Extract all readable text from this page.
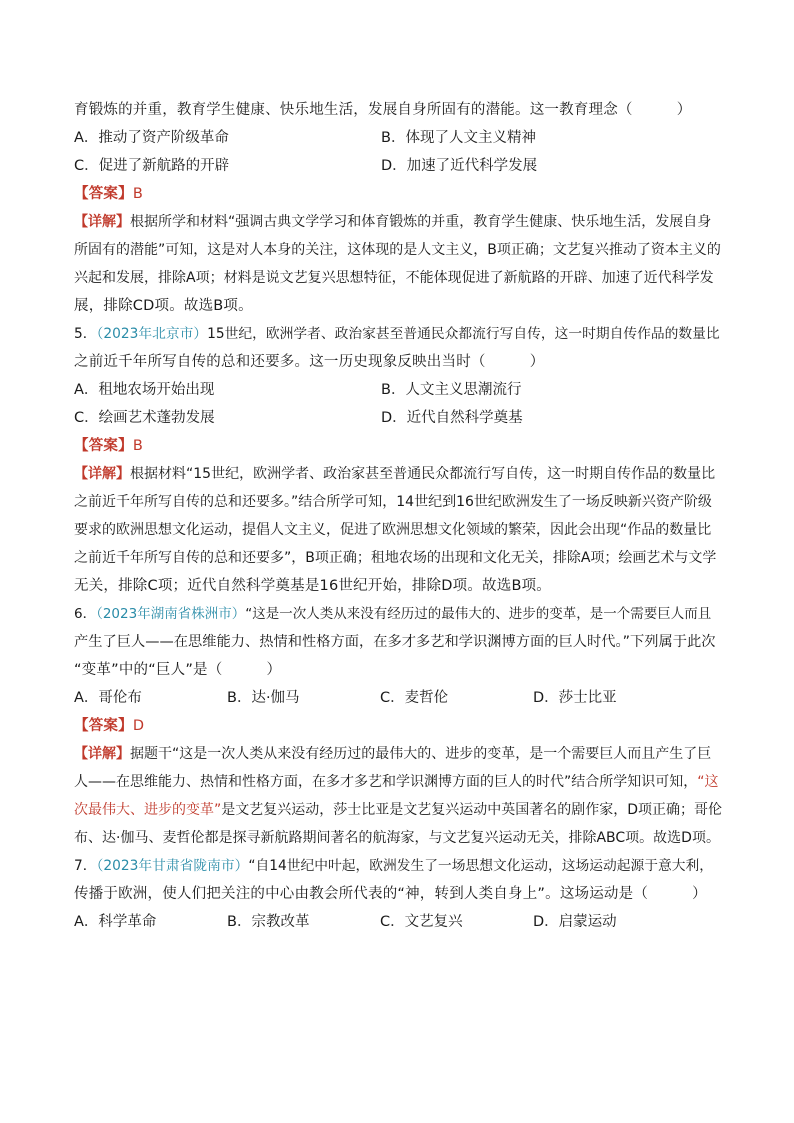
育锻炼的并重，教育学生健康、快乐地生活，发展自身所固有的潜能。这一教育理念（　　　）
A．推动了资产阶级革命	B．体现了人文主义精神
C．促进了新航路的开辟	D．加速了近代科学发展
【答案】B
【详解】根据所学和材料“强调古典文学学习和体育锻炼的并重，教育学生健康、快乐地生活，发展自身
所固有的潜能”可知，这是对人本身的关注，这体现的是人文主义，B项正确；文艺复兴推动了资本主义的
兴起和发展，排除A项；材料是说文艺复兴思想特征，不能体现促进了新航路的开辟、加速了近代科学发
展，排除CD项。故选B项。
5．（2023年北京市）15世纪，欧洲学者、政治家甚至普通民众都流行写自传，这一时期自传作品的数量比
之前近千年所写自传的总和还要多。这一历史现象反映出当时（　　　）
A．租地农场开始出现	B．人文主义思潮流行
C．绘画艺术蓬勃发展	D．近代自然科学奠基
【答案】B
【详解】根据材料“15世纪，欧洲学者、政治家甚至普通民众都流行写自传，这一时期自传作品的数量比
之前近千年所写自传的总和还要多。”结合所学可知，14世纪到16世纪欧洲发生了一场反映新兴资产阶级
要求的欧洲思想文化运动，提倡人文主义，促进了欧洲思想文化领域的繁荣，因此会出现“作品的数量比
之前近千年所写自传的总和还要多”，B项正确；租地农场的出现和文化无关，排除A项；绘画艺术与文学
无关，排除C项；近代自然科学奠基是16世纪开始，排除D项。故选B项。
6．（2023年湖南省株洲市）“这是一次人类从来没有经历过的最伟大的、进步的变革，是一个需要巨人而且
产生了巨人——在思维能力、热情和性格方面，在多才多艺和学识渊博方面的巨人时代。”下列属于此次
“变革”中的“巨人”是（　　　）
A．哥伦布	B．达·伽马	C．麦哲伦	D．莎士比亚
【答案】D
【详解】据题干“这是一次人类从来没有经历过的最伟大的、进步的变革，是一个需要巨人而且产生了巨
人——在思维能力、热情和性格方面，在多才多艺和学识渊博方面的巨人的时代”结合所学知识可知，“这
次最伟大、进步的变革”是文艺复兴运动，莎士比亚是文艺复兴运动中英国著名的剧作家，D项正确；哥伦
布、达·伽马、麦哲伦都是探寻新航路期间著名的航海家，与文艺复兴运动无关，排除ABC项。故选D项。
7．（2023年甘肃省陇南市）“自14世纪中叶起，欧洲发生了一场思想文化运动，这场运动起源于意大利，
传播于欧洲，使人们把关注的中心由教会所代表的“神，转到人类自身上”。这场运动是（　　　）
A．科学革命	B．宗教改革	C．文艺复兴	D．启蒙运动
